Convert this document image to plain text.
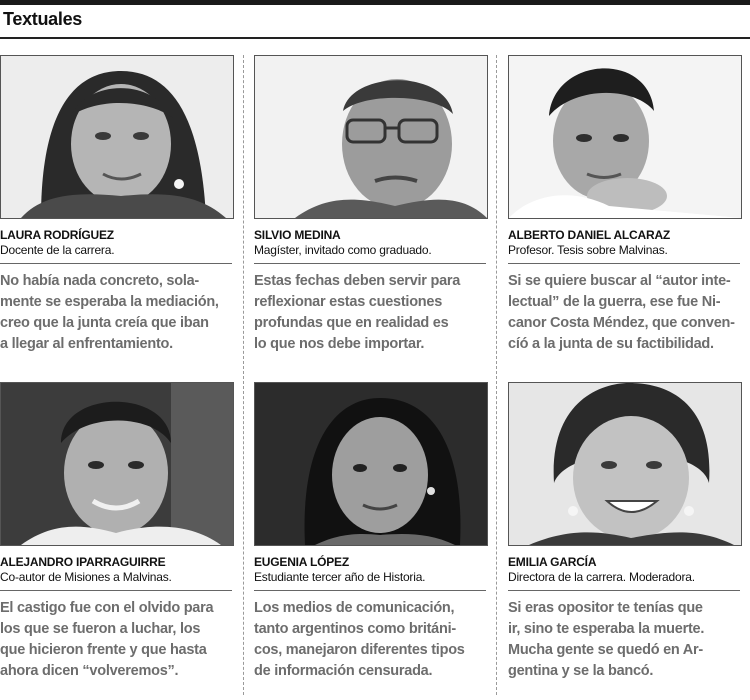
Textuales
LAURA RODRÍGUEZ
Docente de la carrera.
No había nada concreto, sola-
mente se esperaba la mediación,
creo que la junta creía que iban
a llegar al enfrentamiento.
SILVIO MEDINA
Magíster, invitado como graduado.
Estas fechas deben servir para
reflexionar estas cuestiones
profundas que en realidad es
lo que nos debe importar.
ALBERTO DANIEL ALCARAZ
Profesor. Tesis sobre Malvinas.
Si se quiere buscar al “autor inte-
lectual” de la guerra, ese fue Ni-
canor Costa Méndez, que conven-
cíó a la junta de su factibilidad.
ALEJANDRO IPARRAGUIRRE
Co-autor de Misiones a Malvinas.
El castigo fue con el olvido para
los que se fueron a luchar, los
que hicieron frente y que hasta
ahora dicen “volveremos”.
EUGENIA LÓPEZ
Estudiante tercer año de Historia.
Los medios de comunicación,
tanto argentinos como británi-
cos, manejaron diferentes tipos
de información censurada.
EMILIA GARCÍA
Directora de la carrera. Moderadora.
Si eras opositor te tenías que
ir, sino te esperaba la muerte.
Mucha gente se quedó en Ar-
gentina y se la bancó.
